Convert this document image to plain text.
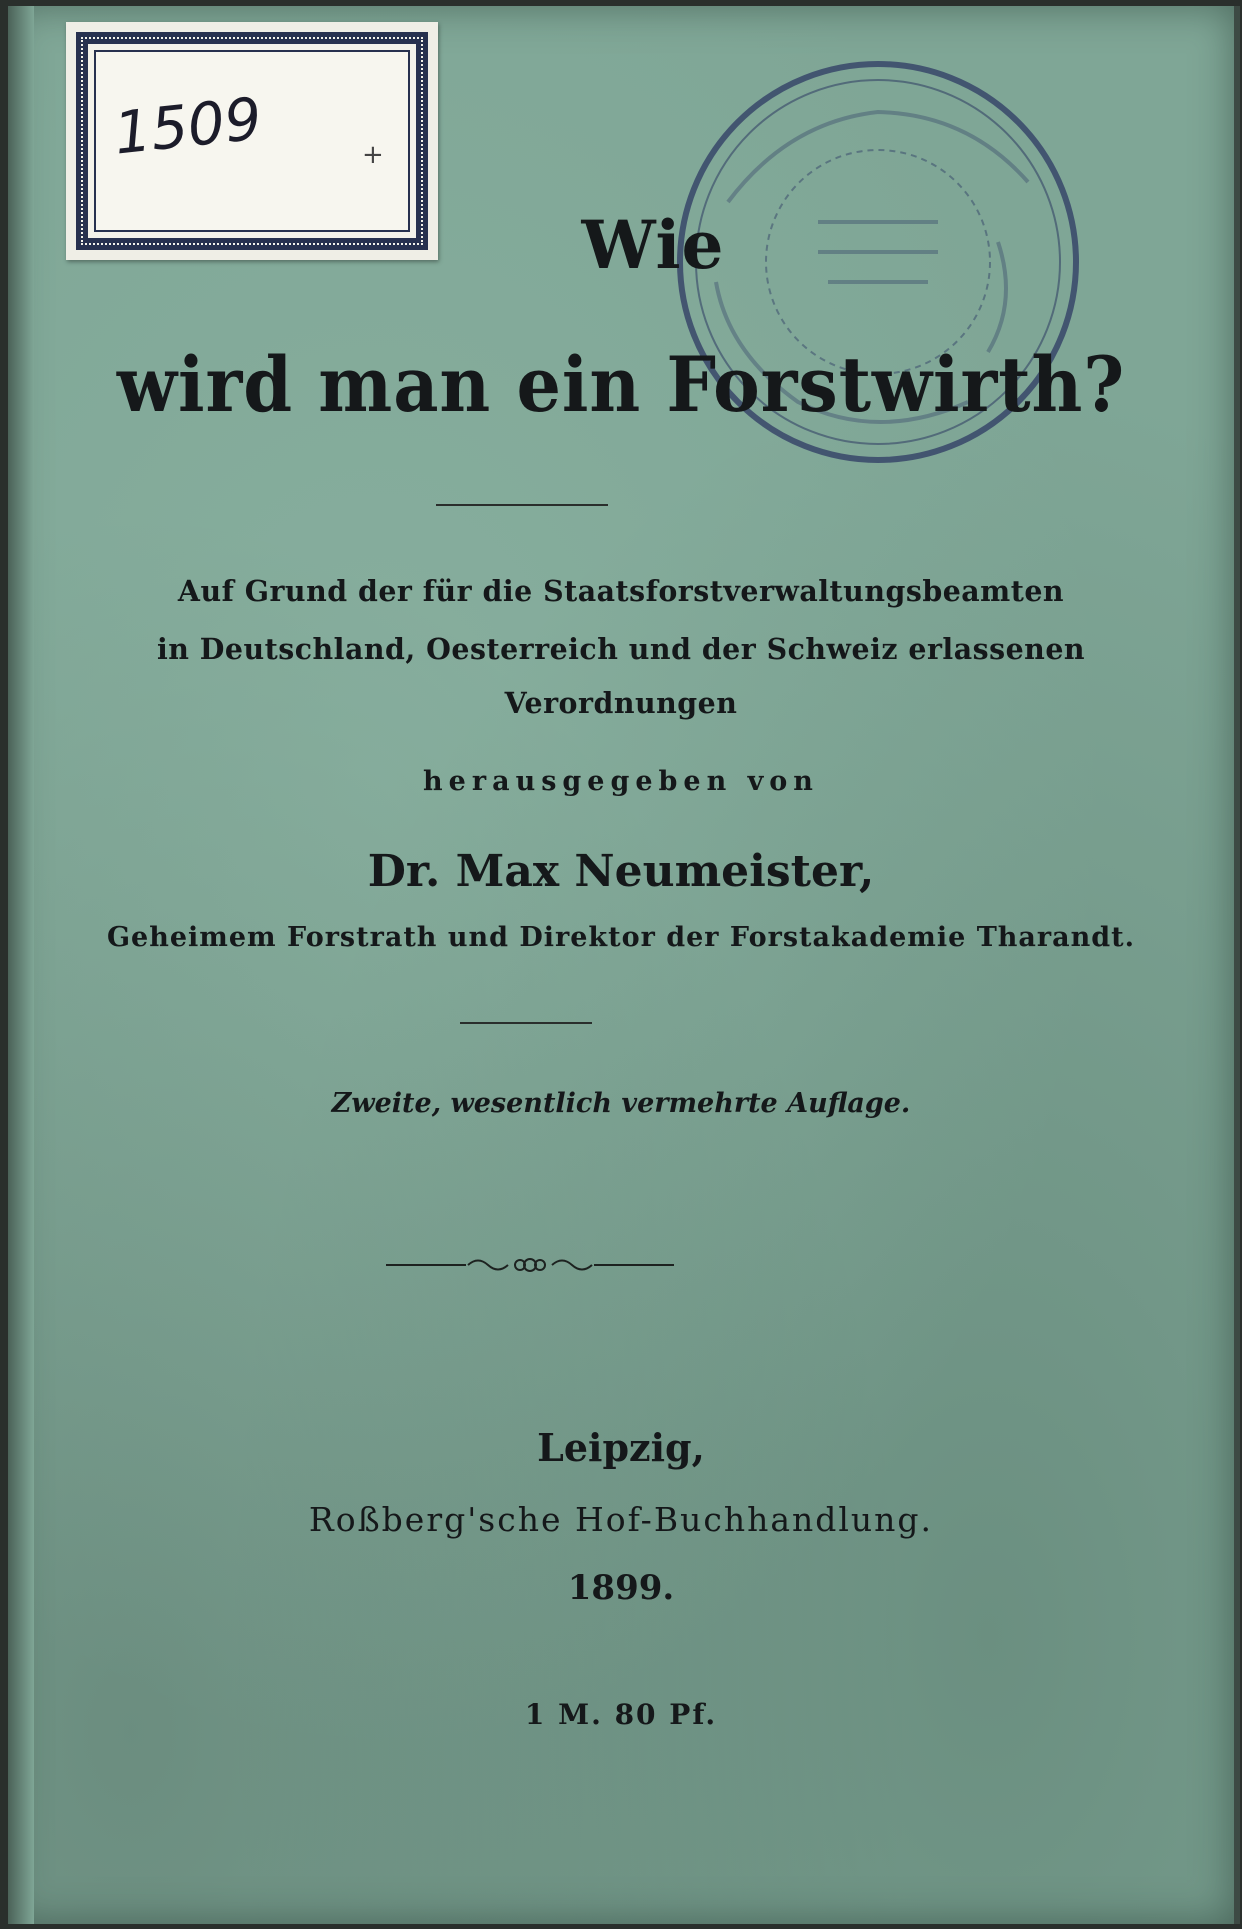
1509	+
Wie
wird man ein Forstwirth?
Auf Grund der für die Staatsforstverwaltungsbeamten
in Deutschland, Oesterreich und der Schweiz erlassenen
Verordnungen
herausgegeben von
Dr. Max Neumeister,
Geheimem Forstrath und Direktor der Forstakademie Tharandt.
Zweite, wesentlich vermehrte Auflage.
Leipzig,
Roßberg'sche Hof-Buchhandlung.
1899.
1 M. 80 Pf.
